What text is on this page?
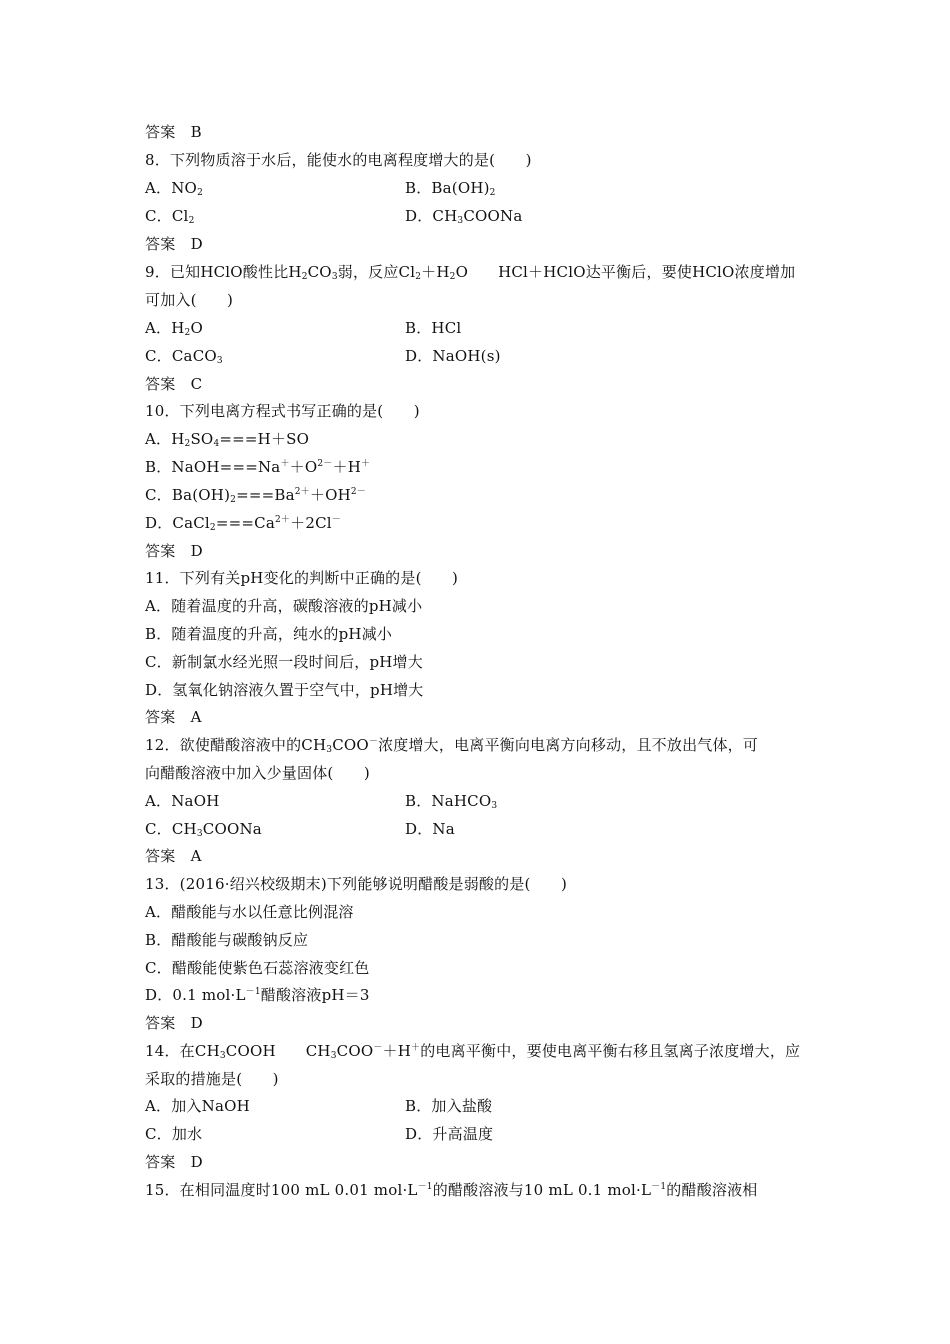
答案　B
8．下列物质溶于水后，能使水的电离程度增大的是(　　)
A．$NO_2$	B．$Ba(OH)_2$
C．$Cl_2$	D．$CH_3COONa$
答案　D
9．已知HClO酸性比$H_2CO_3$弱，反应$Cl_2+H_2O$ HCl＋HClO达平衡后，要使HClO浓度增加
可加入(　　)
A．$H_2O$	B．HCl
C．CaCO$_3$	D．NaOH(s)
答案　C
10．下列电离方程式书写正确的是(　　)
A．$H_2SO_4===H+SO$
B．$NaOH===Na^++O^{2-}+H^+$
C．$Ba(OH)_2===Ba^{2+}+OH^{2-}$
D．$CaCl_2===Ca^{2+}+2Cl^-$
答案　D
11．下列有关pH变化的判断中正确的是(　　)
A．随着温度的升高，碳酸溶液的pH减小
B．随着温度的升高，纯水的pH减小
C．新制氯水经光照一段时间后，pH增大
D．氢氧化钠溶液久置于空气中，pH增大
答案　A
12．欲使醋酸溶液中的$CH_3COO^-$浓度增大，电离平衡向电离方向移动，且不放出气体，可
向醋酸溶液中加入少量固体(　　)
A．NaOH	B．NaHCO$_3$
C．$CH_3COONa$	D．Na
答案　A
13．(2016·绍兴校级期末)下列能够说明醋酸是弱酸的是(　　)
A．醋酸能与水以任意比例混溶
B．醋酸能与碳酸钠反应
C．醋酸能使紫色石蕊溶液变红色
D．0.1 $mol\cdot L^{-1}$醋酸溶液pH＝3
答案　D
14．在$CH_3COOH$ $CH_3COO^-+H^+$的电离平衡中，要使电离平衡右移且氢离子浓度增大，应
采取的措施是(　　)
A．加入NaOH	B．加入盐酸
C．加水	D．升高温度
答案　D
15．在相同温度时100 mL 0.01 $mol\cdot L^{-1}$的醋酸溶液与10 mL 0.1 $mol\cdot L^{-1}$的醋酸溶液相
